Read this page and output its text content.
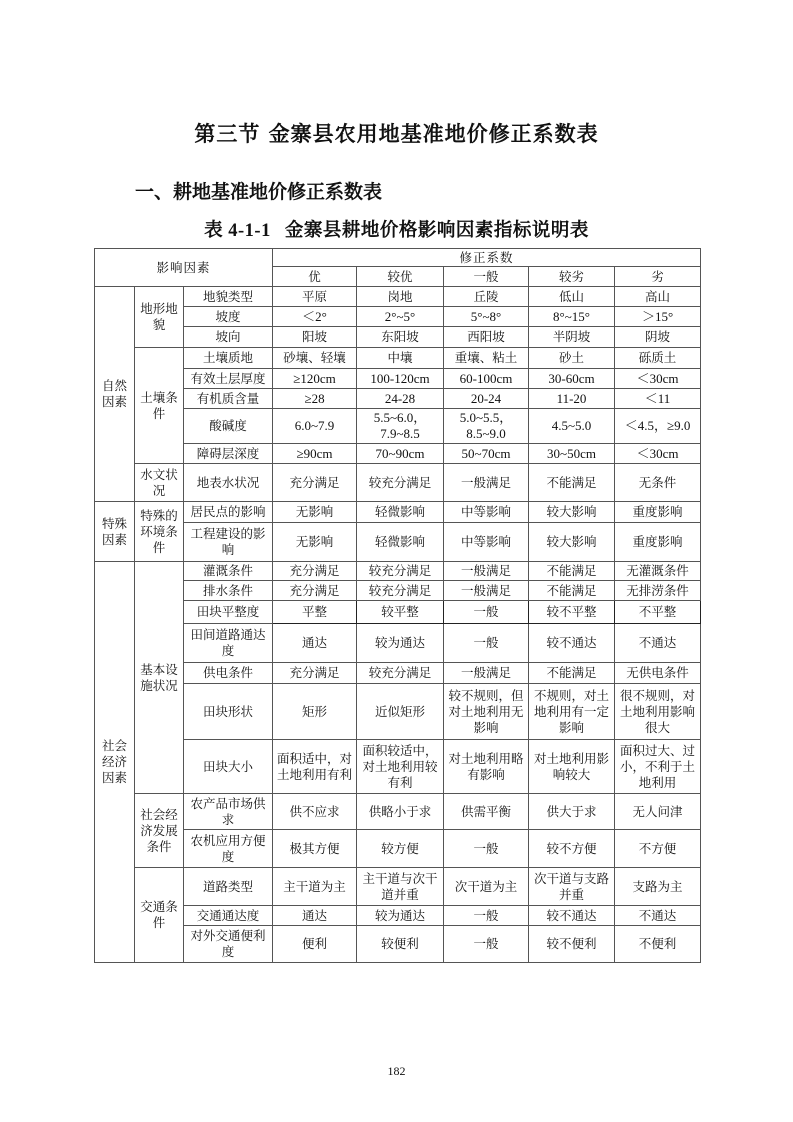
第三节 金寨县农用地基准地价修正系数表
一、耕地基准地价修正系数表
表 4-1-1 金寨县耕地价格影响因素指标说明表
影响因素			修正系数				
			优	较优	一般	较劣	劣
自然因素	地形地貌	地貌类型	平原	岗地	丘陵	低山	高山
		坡度	＜2°	2°~5°	5°~8°	8°~15°	＞15°
		坡向	阳坡	东阳坡	西阳坡	半阴坡	阴坡
	土壤条件	土壤质地	砂壤、轻壤	中壤	重壤、粘土	砂土	砾质土
		有效土层厚度	≥120cm	100-120cm	60-100cm	30-60cm	＜30cm
		有机质含量	≥28	24-28	20-24	11-20	＜11
		酸碱度	6.0~7.9	5.5~6.0，7.9~8.5	5.0~5.5，8.5~9.0	4.5~5.0	＜4.5，≥9.0
		障碍层深度	≥90cm	70~90cm	50~70cm	30~50cm	＜30cm
	水文状况	地表水状况	充分满足	较充分满足	一般满足	不能满足	无条件
特殊因素	特殊的环境条件	居民点的影响	无影响	轻微影响	中等影响	较大影响	重度影响
		工程建设的影响	无影响	轻微影响	中等影响	较大影响	重度影响
社会经济因素	基本设施状况	灌溉条件	充分满足	较充分满足	一般满足	不能满足	无灌溉条件
		排水条件	充分满足	较充分满足	一般满足	不能满足	无排涝条件
		田块平整度	平整	较平整	一般	较不平整	不平整
		田间道路通达度	通达	较为通达	一般	较不通达	不通达
		供电条件	充分满足	较充分满足	一般满足	不能满足	无供电条件
		田块形状	矩形	近似矩形	较不规则，但对土地利用无影响	不规则，对土地利用有一定影响	很不规则，对土地利用影响很大
		田块大小	面积适中，对土地利用有利	面积较适中，对土地利用较有利	对土地利用略有影响	对土地利用影响较大	面积过大、过小，不利于土地利用
	社会经济发展条件	农产品市场供求	供不应求	供略小于求	供需平衡	供大于求	无人问津
		农机应用方便度	极其方便	较方便	一般	较不方便	不方便
	交通条件	道路类型	主干道为主	主干道与次干道并重	次干道为主	次干道与支路并重	支路为主
		交通通达度	通达	较为通达	一般	较不通达	不通达
		对外交通便利度	便利	较便利	一般	较不便利	不便利
182
